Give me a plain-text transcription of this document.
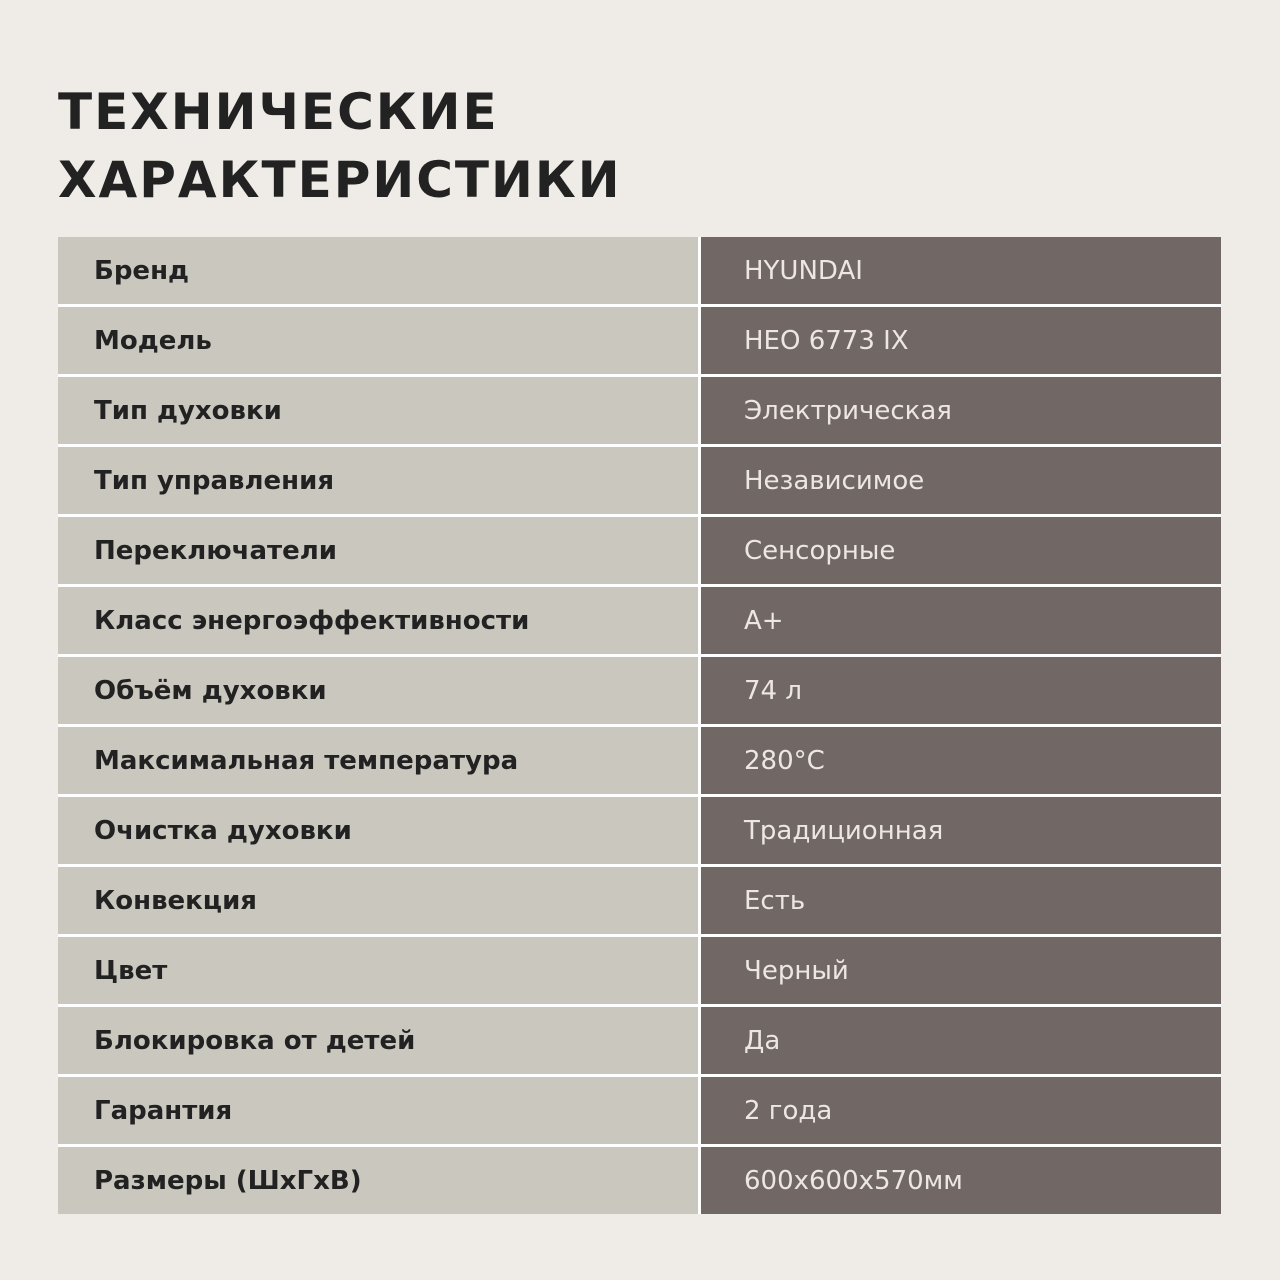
ТЕХНИЧЕСКИЕ
ХАРАКТЕРИСТИКИ
Бренд	HYUNDAI
Модель	HEO 6773 IX
Тип духовки	Электрическая
Тип управления	Независимое
Переключатели	Сенсорные
Класс энергоэффективности	A+
Объём духовки	74 л
Максимальная температура	280°C
Очистка духовки	Традиционная
Конвекция	Есть
Цвет	Черный
Блокировка от детей	Да
Гарантия	2 года
Размеры (ШхГхВ)	600x600x570мм
